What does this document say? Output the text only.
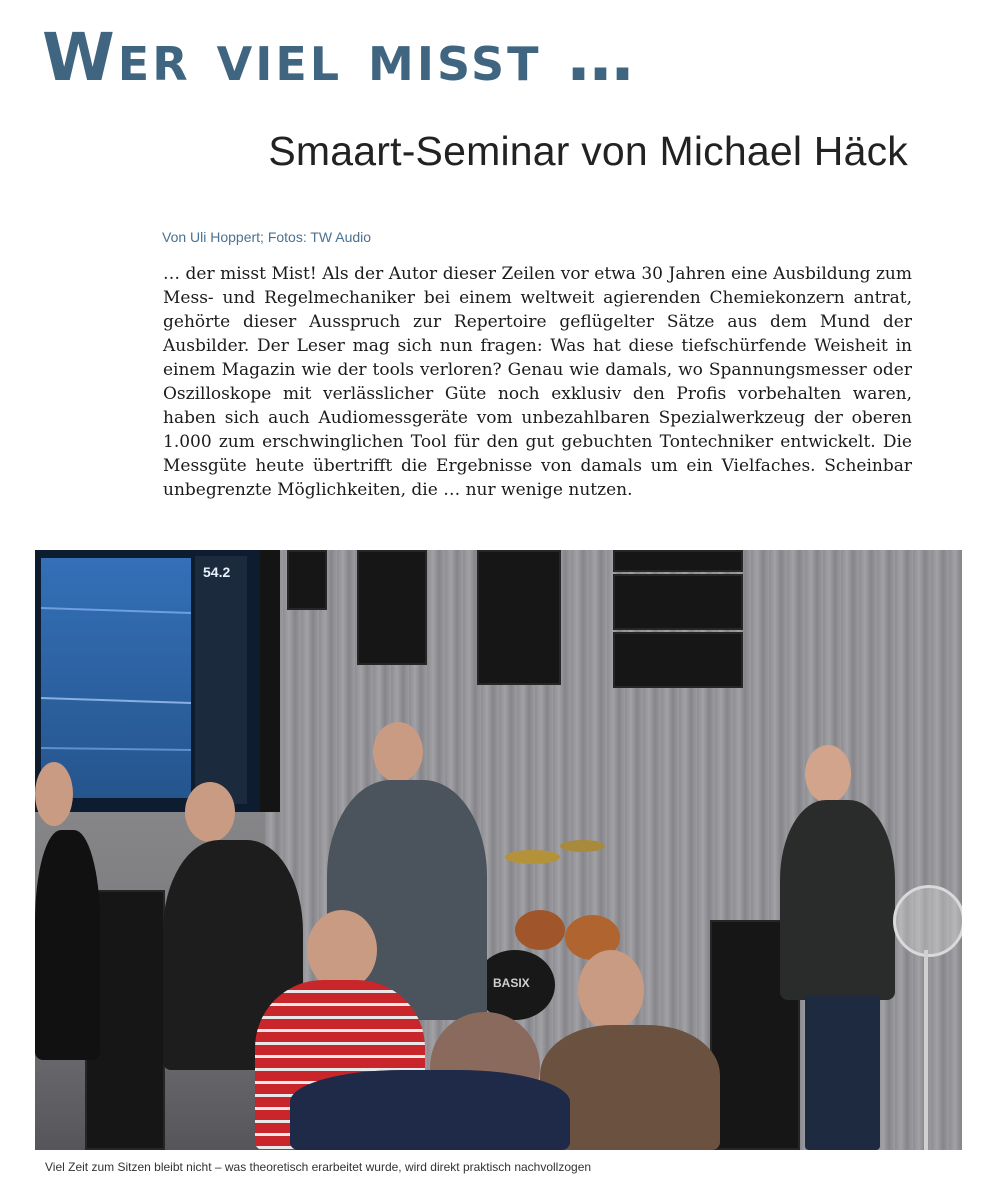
Wer viel misst …
Smaart-Seminar von Michael Häck
Von Uli Hoppert; Fotos: TW Audio

… der misst Mist! Als der Autor dieser Zeilen vor etwa 30 Jahren eine Ausbildung zum Mess- und Regelmechaniker bei einem weltweit agierenden Chemiekonzern antrat, gehörte dieser Ausspruch zur Repertoire geflügelter Sätze aus dem Mund der Ausbilder. Der Leser mag sich nun fragen: Was hat diese tiefschürfende Weisheit in einem Magazin wie der tools verloren? Genau wie damals, wo Spannungsmesser oder Oszilloskope mit verlässlicher Güte noch exklusiv den Profis vorbehalten waren, haben sich auch Audiomessgeräte vom unbezahlbaren Spezialwerkzeug der oberen 1.000 zum erschwinglichen Tool für den gut gebuchten Tontechniker entwickelt. Die Messgüte heute übertrifft die Ergebnisse von damals um ein Vielfaches. Scheinbar unbegrenzte Möglichkeiten, die … nur wenige nutzen.

54.2
BASIX
Viel Zeit zum Sitzen bleibt nicht – was theoretisch erarbeitet wurde, wird direkt praktisch nachvollzogen
